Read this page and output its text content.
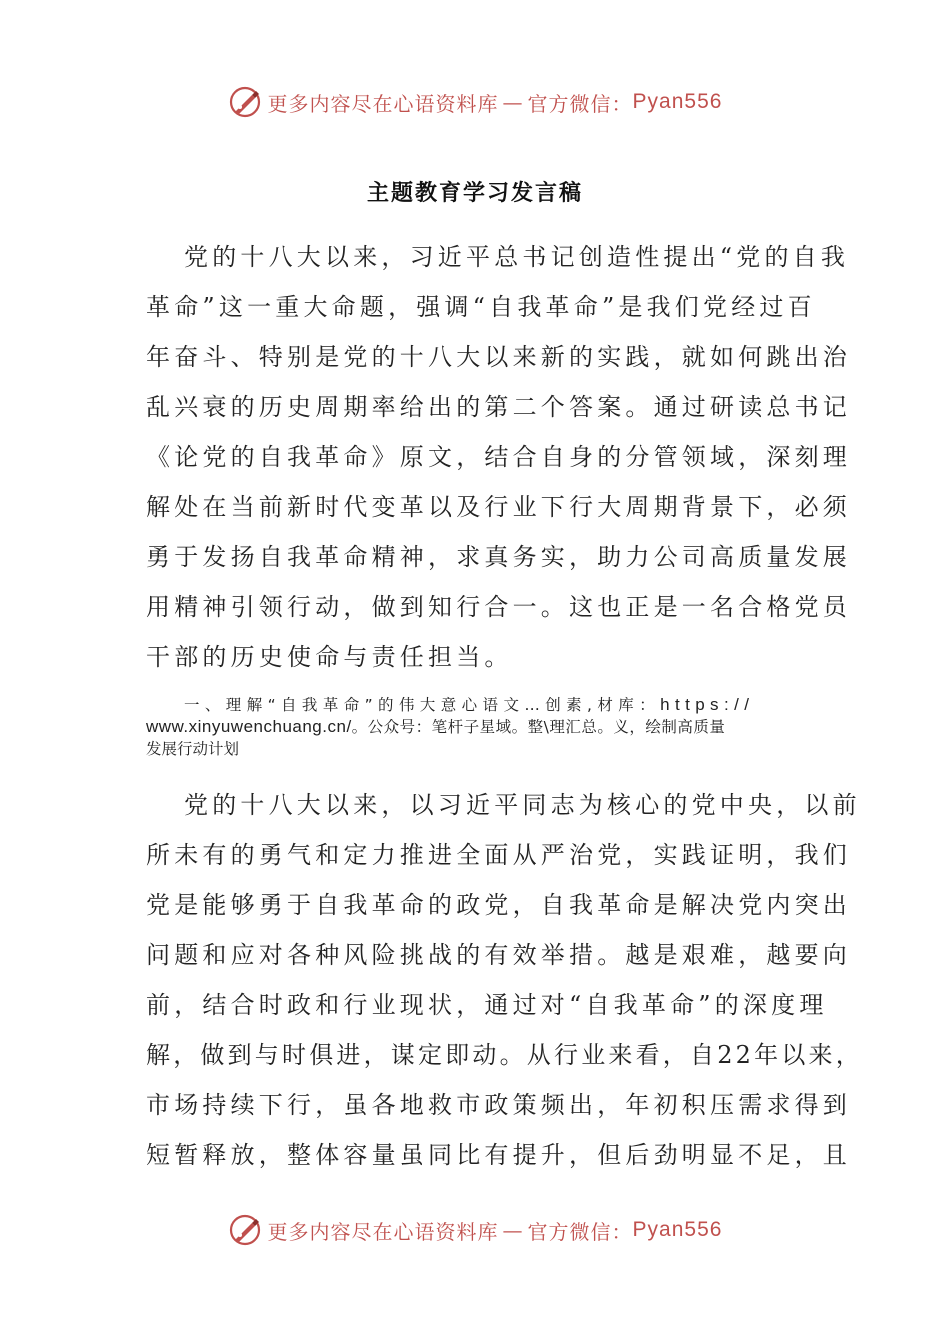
更多内容尽在心语资料库 — 官方微信： Pyan556
主题教育学习发言稿
党的十八大以来，习近平总书记创造性提出“党的自我
革命”这一重大命题，强调“自我革命”是我们党经过百
年奋斗、特别是党的十八大以来新的实践，就如何跳出治
乱兴衰的历史周期率给出的第二个答案。通过研读总书记
《论党的自我革命》原文，结合自身的分管领域，深刻理
解处在当前新时代变革以及行业下行大周期背景下，必须
勇于发扬自我革命精神，求真务实，助力公司高质量发展
用精神引领行动，做到知行合一。这也正是一名合格党员
干部的历史使命与责任担当。
一、理解“自我革命”的伟大意心语文…创素,材库：https://
www.xinyuwenchuang.cn/。公众号：笔杆子星域。整\理汇总。义，绘制高质量
发展行动计划
党的十八大以来，以习近平同志为核心的党中央，以前
所未有的勇气和定力推进全面从严治党，实践证明，我们
党是能够勇于自我革命的政党，自我革命是解决党内突出
问题和应对各种风险挑战的有效举措。越是艰难，越要向
前，结合时政和行业现状，通过对“自我革命”的深度理
解，做到与时俱进，谋定即动。从行业来看，自22年以来，
市场持续下行，虽各地救市政策频出，年初积压需求得到
短暂释放，整体容量虽同比有提升，但后劲明显不足，且
更多内容尽在心语资料库 — 官方微信： Pyan556
